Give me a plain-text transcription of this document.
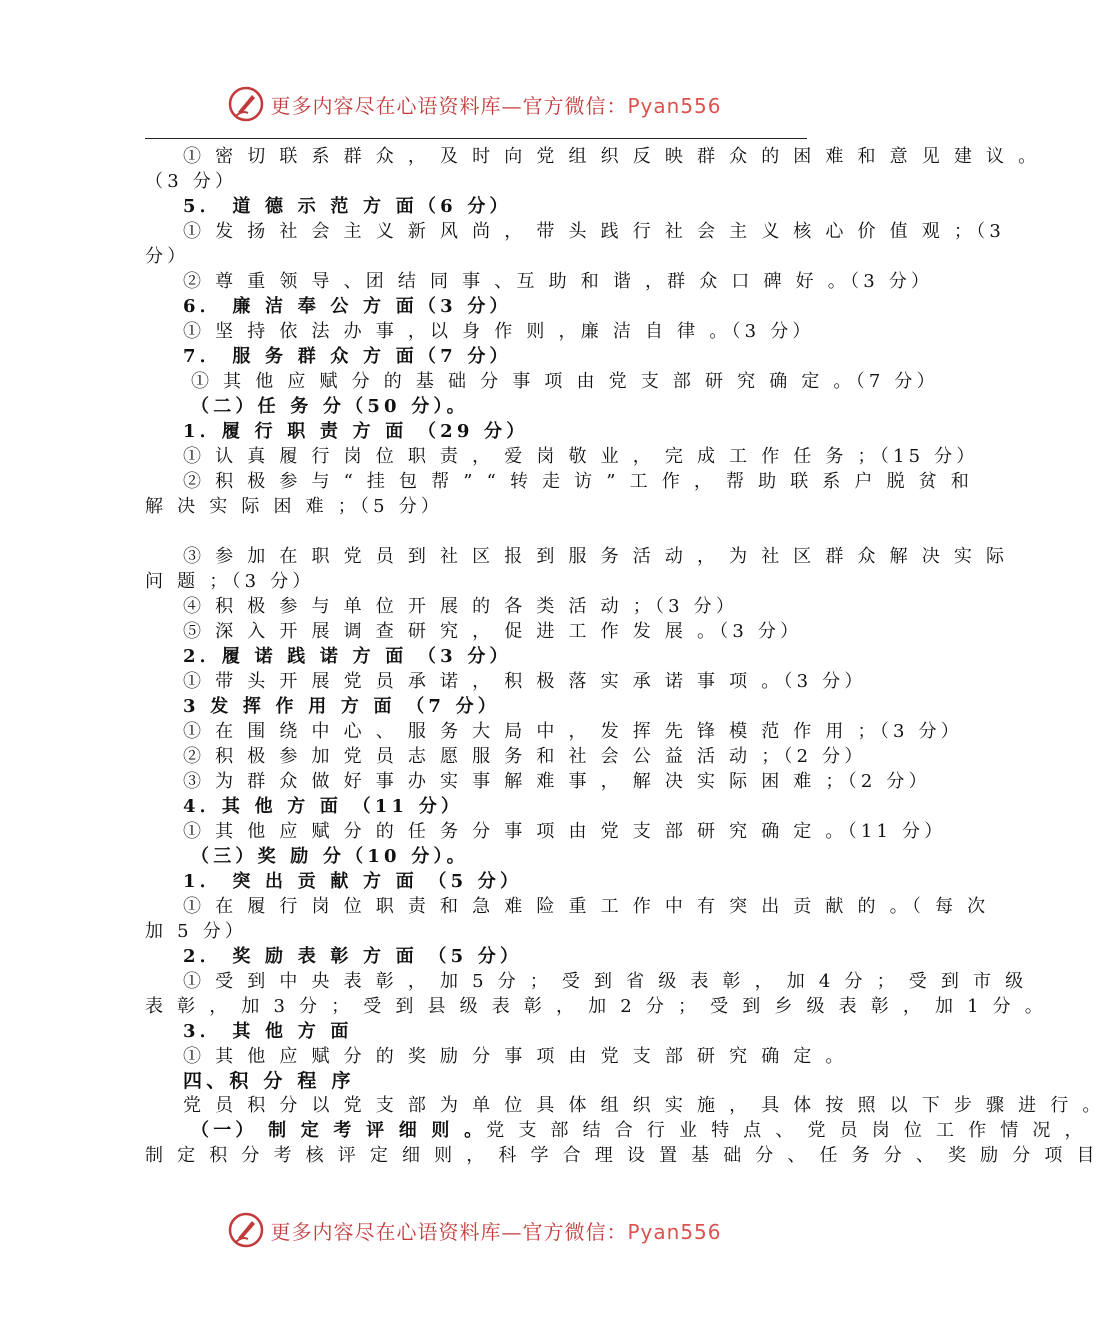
更多内容尽在心语资料库—官方微信：Pyan556
① 密 切 联 系 群 众 ， 及 时 向 党 组 织 反 映 群 众 的 困 难 和 意 见 建 议 。
（3 分）
5． 道 德 示 范 方 面（6 分）
① 发 扬 社 会 主 义 新 风 尚 ， 带 头 践 行 社 会 主 义 核 心 价 值 观 ；（3
分）
② 尊 重 领 导 、团 结 同 事 、互 助 和 谐 ，群 众 口 碑 好 。（3 分）
6． 廉 洁 奉 公 方 面（3 分）
① 坚 持 依 法 办 事 ，以 身 作 则 ，廉 洁 自 律 。（3 分）
7． 服 务 群 众 方 面（7 分）
① 其 他 应 赋 分 的 基 础 分 事 项 由 党 支 部 研 究 确 定 。（7 分）
（二）任 务 分（50 分）。
1．履 行 职 责 方 面 （29 分）
① 认 真 履 行 岗 位 职 责 ， 爱 岗 敬 业 ， 完 成 工 作 任 务 ；（15 分）
② 积 极 参 与 “ 挂 包 帮 ” “ 转 走 访 ” 工 作 ， 帮 助 联 系 户 脱 贫 和
解 决 实 际 困 难 ；（5 分）
③ 参 加 在 职 党 员 到 社 区 报 到 服 务 活 动 ， 为 社 区 群 众 解 决 实 际
问 题 ；（3 分）
④ 积 极 参 与 单 位 开 展 的 各 类 活 动 ；（3 分）
⑤ 深 入 开 展 调 查 研 究 ， 促 进 工 作 发 展 。（3 分）
2．履 诺 践 诺 方 面 （3 分）
① 带 头 开 展 党 员 承 诺 ， 积 极 落 实 承 诺 事 项 。（3 分）
3 发 挥 作 用 方 面 （7 分）
① 在 围 绕 中 心 、 服 务 大 局 中 ， 发 挥 先 锋 模 范 作 用 ；（3 分）
② 积 极 参 加 党 员 志 愿 服 务 和 社 会 公 益 活 动 ；（2 分）
③ 为 群 众 做 好 事 办 实 事 解 难 事 ， 解 决 实 际 困 难 ；（2 分）
4．其 他 方 面 （11 分）
① 其 他 应 赋 分 的 任 务 分 事 项 由 党 支 部 研 究 确 定 。（11 分）
（三）奖 励 分（10 分）。
1． 突 出 贡 献 方 面 （5 分）
① 在 履 行 岗 位 职 责 和 急 难 险 重 工 作 中 有 突 出 贡 献 的 。（ 每 次
加 5 分）
2． 奖 励 表 彰 方 面 （5 分）
① 受 到 中 央 表 彰 ， 加 5 分 ； 受 到 省 级 表 彰 ， 加 4 分 ； 受 到 市 级
表 彰 ， 加 3 分 ； 受 到 县 级 表 彰 ， 加 2 分 ； 受 到 乡 级 表 彰 ， 加 1 分 。
3． 其 他 方 面
① 其 他 应 赋 分 的 奖 励 分 事 项 由 党 支 部 研 究 确 定 。
四、积 分 程 序
党 员 积 分 以 党 支 部 为 单 位 具 体 组 织 实 施 ， 具 体 按 照 以 下 步 骤 进 行 。
（一） 制 定 考 评 细 则 。党 支 部 结 合 行 业 特 点 、 党 员 岗 位 工 作 情 况 ，
制 定 积 分 考 核 评 定 细 则 ， 科 学 合 理 设 置 基 础 分 、 任 务 分 、 奖 励 分 项 目
更多内容尽在心语资料库—官方微信：Pyan556
